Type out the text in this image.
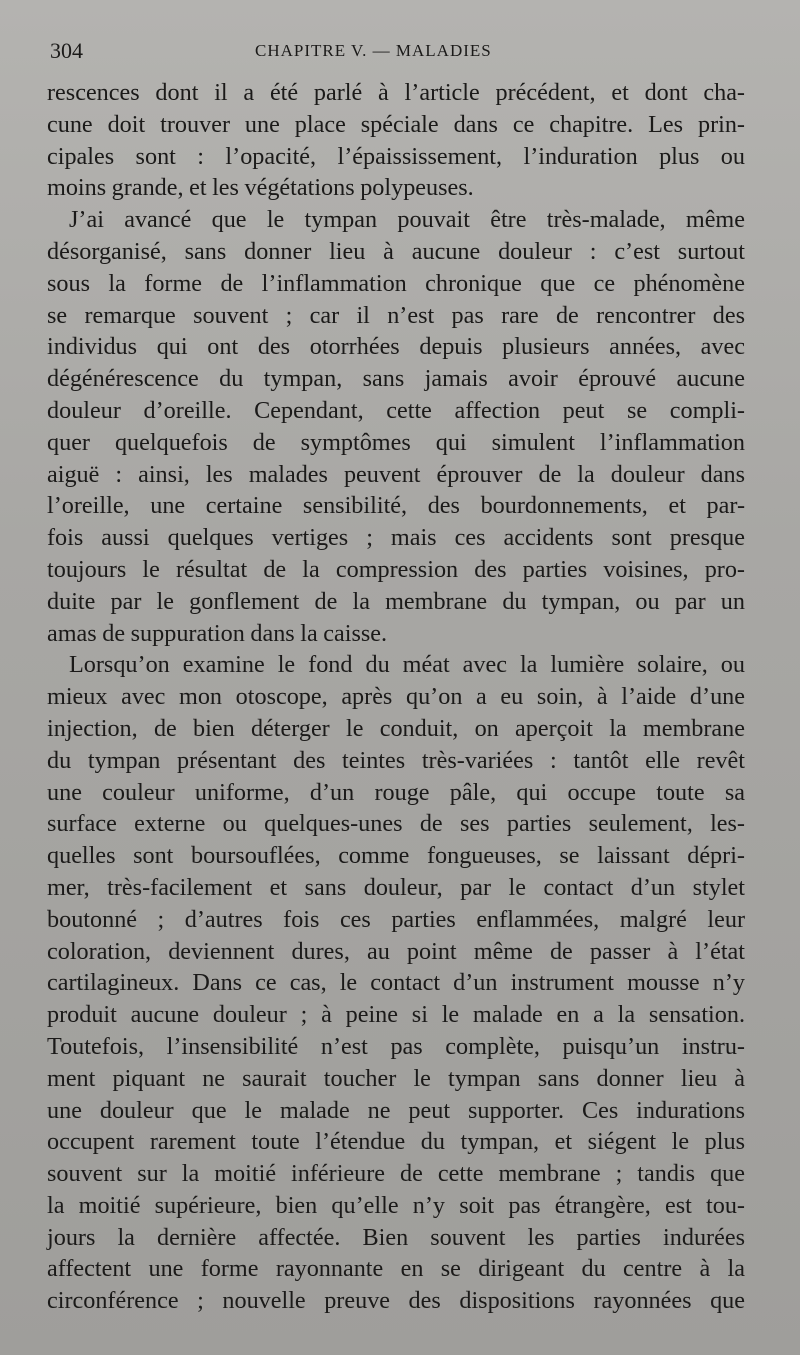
304	CHAPITRE V. — MALADIES
rescences dont il a été parlé à l’article précédent, et dont cha-
cune doit trouver une place spéciale dans ce chapitre. Les prin-
cipales sont : l’opacité, l’épaississement, l’induration plus ou
moins grande, et les végétations polypeuses.
J’ai avancé que le tympan pouvait être très-malade, même
désorganisé, sans donner lieu à aucune douleur : c’est surtout
sous la forme de l’inflammation chronique que ce phénomène
se remarque souvent ; car il n’est pas rare de rencontrer des
individus qui ont des otorrhées depuis plusieurs années, avec
dégénérescence du tympan, sans jamais avoir éprouvé aucune
douleur d’oreille. Cependant, cette affection peut se compli-
quer quelquefois de symptômes qui simulent l’inflammation
aiguë : ainsi, les malades peuvent éprouver de la douleur dans
l’oreille, une certaine sensibilité, des bourdonnements, et par-
fois aussi quelques vertiges ; mais ces accidents sont presque
toujours le résultat de la compression des parties voisines, pro-
duite par le gonflement de la membrane du tympan, ou par un
amas de suppuration dans la caisse.
Lorsqu’on examine le fond du méat avec la lumière solaire, ou
mieux avec mon otoscope, après qu’on a eu soin, à l’aide d’une
injection, de bien déterger le conduit, on aperçoit la membrane
du tympan présentant des teintes très-variées : tantôt elle revêt
une couleur uniforme, d’un rouge pâle, qui occupe toute sa
surface externe ou quelques-unes de ses parties seulement, les-
quelles sont boursouflées, comme fongueuses, se laissant dépri-
mer, très-facilement et sans douleur, par le contact d’un stylet
boutonné ; d’autres fois ces parties enflammées, malgré leur
coloration, deviennent dures, au point même de passer à l’état
cartilagineux. Dans ce cas, le contact d’un instrument mousse n’y
produit aucune douleur ; à peine si le malade en a la sensation.
Toutefois, l’insensibilité n’est pas complète, puisqu’un instru-
ment piquant ne saurait toucher le tympan sans donner lieu à
une douleur que le malade ne peut supporter. Ces indurations
occupent rarement toute l’étendue du tympan, et siégent le plus
souvent sur la moitié inférieure de cette membrane ; tandis que
la moitié supérieure, bien qu’elle n’y soit pas étrangère, est tou-
jours la dernière affectée. Bien souvent les parties indurées
affectent une forme rayonnante en se dirigeant du centre à la
circonférence ; nouvelle preuve des dispositions rayonnées que
